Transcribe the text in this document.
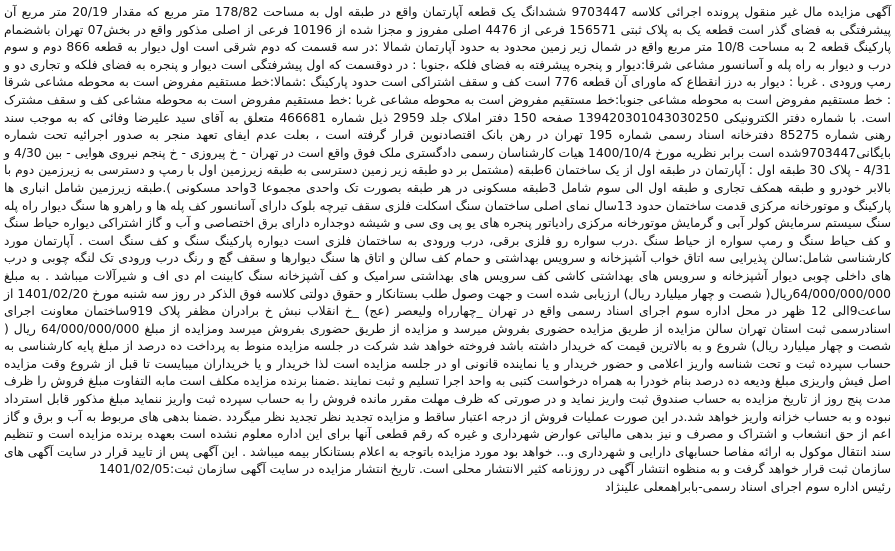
آگهی مزایده مال غیر منقول پرونده اجرائی کلاسه 9703447 ششدانگ یک قطعه آپارتمان واقع در طبقه اول به مساحت 178/82 متر مربع که مقدار 20/19 متر مربع آن پیشرفتگی به فضای گذر است قطعه یک به پلاک ثبتی 156571 فرعی از 4476 اصلی مفروز و مجزا شده از 10196 فرعی از اصلی مذکور واقع در بخش07 تهران باشضمام پارکینگ قطعه 2 به مساحت 10/8 متر مربع واقع در شمال زیر زمین محدود به حدود آپارتمان شمالا :در سه قسمت که دوم شرقی است اول دیوار به قطعه 866 دوم و سوم درب و دیوار به راه پله و آسانسور مشاعی شرقا:دیوار و پنجره پیشرفته به فضای فلکه ،جنوبا : در دوقسمت که اول پیشرفتگی است دیوار و پنجره به فضای فلکه و تجاری دو و رمپ ورودی . غربا : دیوار به درز انقطاع که ماورای آن قطعه 776 است کف و سقف اشتراکی است حدود پارکینگ :شمالا:خط مستقیم مفروض است به محوطه مشاعی شرقا : خط مستقیم مفروض است به محوطه مشاعی جنوبا:خط مستقیم مفروض است به محوطه مشاعی غربا :خط مستقیم مفروض است به محوطه مشاعی کف و سقف مشترک است. با شماره دفتر الکترونیکی 139420301043030250 صفحه 150 دفتر املاک جلد 2959 ذیل شماره 466681 متعلق به آقای سید علیرضا وفائی که به موجب سند رهنی شماره 85275 دفترخانه اسناد رسمی شماره 195 تهران در رهن بانک اقتصادنوین قرار گرفته است ، بعلت عدم ایفای تعهد منجر به صدور اجرائیه تحت شماره بایگانی9703447شده است برابر نظریه مورخ 1400/10/4 هیات کارشناسان رسمی دادگستری ملک فوق واقع است در تهران - خ پیروزی - خ پنجم نیروی هوایی - بین 4/30 و 4/31 - پلاک 30 طبقه اول : آپارتمان در طبقه اول از یک ساختمان 6طبقه (مشتمل بر دو طبقه زیر زمین دسترسی به طبقه زیرزمین اول با رمپ و دسترسی به زیرزمین دوم با بالابر خودرو و طبقه همکف تجاری و طبقه اول الی سوم شامل 3طبقه مسکونی در هر طبقه بصورت تک واحدی مجموعا 3واحد مسکونی ).طبقه زیرزمین شامل انباری ها پارکینگ و موتورخانه مرکزی قدمت ساختمان حدود 13سال نمای اصلی ساختمان سنگ اسکلت فلزی سقف تیرچه بلوک دارای آسانسور کف پله ها و راهرو ها سنگ دیوار راه پله سنگ سیستم سرمایش کولر آبی و گرمایش موتورخانه مرکزی رادیاتور پنجره های یو پی وی سی و شیشه دوجداره دارای برق اختصاصی و آب و گاز اشتراکی دیواره حیاط سنگ و کف حیاط سنگ و رمپ سواره از حیاط سنگ .درب سواره رو فلزی برقی، درب ورودی به ساختمان فلزی است دیواره پارکینگ سنگ و کف سنگ است . آپارتمان مورد کارشناسی شامل:سالن پذیرایی سه اتاق خواب آشپزخانه و سرویس بهداشتی و حمام کف سالن و اتاق ها سنگ دیوارها و سقف گچ و رنگ درب ورودی تک لنگه چوبی و درب های داخلی چوبی دیوار آشپزخانه و سرویس های بهداشتی کاشی کف سرویس های بهداشتی سرامیک و کف آشپزخانه سنگ کابینت ام دی اف و شیرآلات میباشد . به مبلغ 64/000/000/000ریال( شصت و چهار میلیارد ریال) ارزیابی شده است و جهت وصول طلب بستانکار و حقوق دولتی کلاسه فوق الذکر در روز سه شنبه مورخ 1401/02/20 از ساعت9الی 12 ظهر در محل اداره سوم اجرای اسناد رسمی واقع در تهران _چهارراه ولیعصر (عج) _خ انقلاب نبش خ برادران مظفر پلاک 919ساختمان معاونت اجرای اسنادرسمی ثبت استان تهران سالن مزایده از طریق مزایده حضوری بفروش میرسد و مزایده از طریق حضوری بفروش میرسد ومزایده از مبلغ 64/000/000/000 ریال ( شصت و چهار میلیارد ریال) شروع و به بالاترین قیمت که خریدار داشته باشد فروخته خواهد شد شرکت در جلسه مزایده منوط به پرداخت ده درصد از مبلغ پایه کارشناسی به حساب سپرده ثبت و تحت شناسه واریز اعلامی و حضور خریدار و یا نماینده قانونی او در جلسه مزایده است لذا خریدار و یا خریداران میبایست تا قبل از شروع وقت مزایده اصل فیش واریزی مبلغ ودیعه ده درصد بنام خودرا به همراه درخواست کتبی به واحد اجرا تسلیم و ثبت نمایند .ضمنا برنده مزایده مکلف است مابه التفاوت مبلغ فروش را ظرف مدت پنج روز از تاریخ مزایده به حساب صندوق ثبت واریز نماید و در صورتی که ظرف مهلت مقرر مانده فروش را به حساب سپرده ثبت واریز ننماید مبلغ مذکور قابل استرداد نبوده و به حساب خزانه واریز خواهد شد.در این صورت عملیات فروش از درجه اعتبار ساقط و مزایده تجدید نظر تجدید نظر میگردد .ضمنا بدهی های مربوط به آب و برق و گاز اعم از حق انشعاب و اشتراک و مصرف و نیز بدهی مالیاتی عوارض شهرداری و غیره که رقم قطعی آنها برای این اداره معلوم نشده است بعهده برنده مزایده است و تنظیم سند انتقال موکول به ارائه مفاصا حسابهای دارایی و شهرداری و... خواهد بود مورد مزایده باتوجه به اعلام بستانکار بیمه میباشد . این آگهی پس از تایید قرار در سایت آگهی های سازمان ثبت قرار خواهد گرفت و به منظوه انتشار آگهی در روزنامه کثیر الانتشار محلی است. تاریخ انتشار مزایده در سایت آگهی سازمان ثبت:1401/02/05

رئیس اداره سوم اجرای اسناد رسمی-بابراهمعلی علینژاد
